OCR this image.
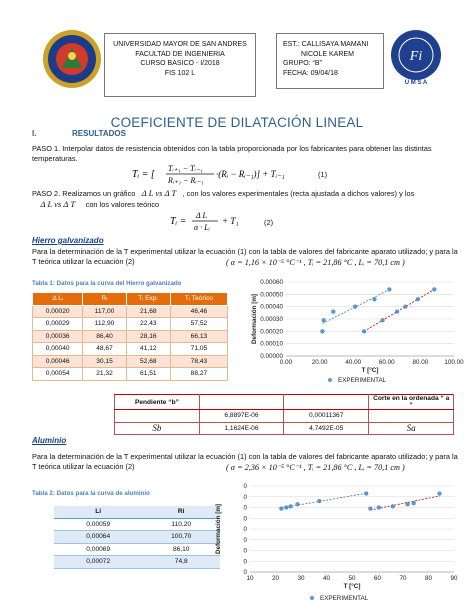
UNIVERSIDAD MAYOR DE SAN ANDRES
FACULTAD DE INGENIERIA
CURSO BASICO - I/2018
FIS 102 L
EST.: CALLISAYA MAMANI
NICOLE KAREM
GRUPO: “B”
FECHA: 09/04/18
Fi
U M S A
COEFICIENTE DE DILATACIÓN LINEAL
I.	RESULTADOS
PASO 1. Interpolar datos de resistencia obtenidos con la tabla proporcionada por los fabricantes para obtener las distintas temperaturas.
Tᵢ = [
Tᵢ₊₁ − Tᵢ₋₁
Rᵢ₊₁ − Rᵢ₋₁
·(Rᵢ − Rᵢ₋₁)] + Tᵢ₋₁	(1)
PASO 2. Realizamos un gráfico   Δ L vs Δ T   , con los valores experimentales (recta ajustada a dichos valores) y los
Δ L vs Δ T     con los valores teórico
Tᵢ =
Δ L
α · Lᵢ
+ T₁	(2)
Hierro galvanizado
Para la determinación de la T experimental utilizar la ecuación (1) con la tabla de valores del fabricante aparato utilizado; y para la T teórica utilizar la ecuación (2)	( α = 1,16 × 10⁻⁵ °C⁻¹ , Tᵢ = 21,86 °C , Lᵢ = 70,1 cm )
Tabla 1: Datos para la curva del Hierro galvanizado
Δ Lᵢ	Rᵢ	Tᵢ Exp.	Tᵢ Teórico
0,00020	117,00	21,68	46,46
0,00029	112,90	22,43	57,52
0,00036	86,40	28,16	66,13
0,00040	48,67	41,12	71,05
0,00046	30,15	52,68	78,43
0,00054	21,32	61,51	88,27
0.00000
0.00010
0.00020
0.00030
0.00040
0.00050
0.00060
0.00	20.00	40.00	60.00	80.00	100.00
T [°C]
Deformación [m]
EXPERIMENTAL
Pendiente “b”			Corte en la ordenada “ a ”
	6,8897E-06	0,00011367	
Sb	1,1624E-06	4,7492E-05	Sa
Aluminio
Para la determinación de la T experimental utilizar la ecuación (1) con la tabla de valores del fabricante aparato utilizado; y para la T teórica utilizar la ecuación (2)	( α = 2,36 × 10⁻⁵ °C⁻¹ , Tᵢ = 21,86 °C , Lᵢ = 70,1 cm )
Tabla 2: Datos para la curva de aluminio
Li	Ri
0,00059	110,20
0,00064	100,70
0,00069	86,10
0,00072	74,8
0
0
0
0
0
0
0
0
0
10	20	30	40	50	60	70	80	90
T [°C]
Deformación [m]
EXPERIMENTAL
